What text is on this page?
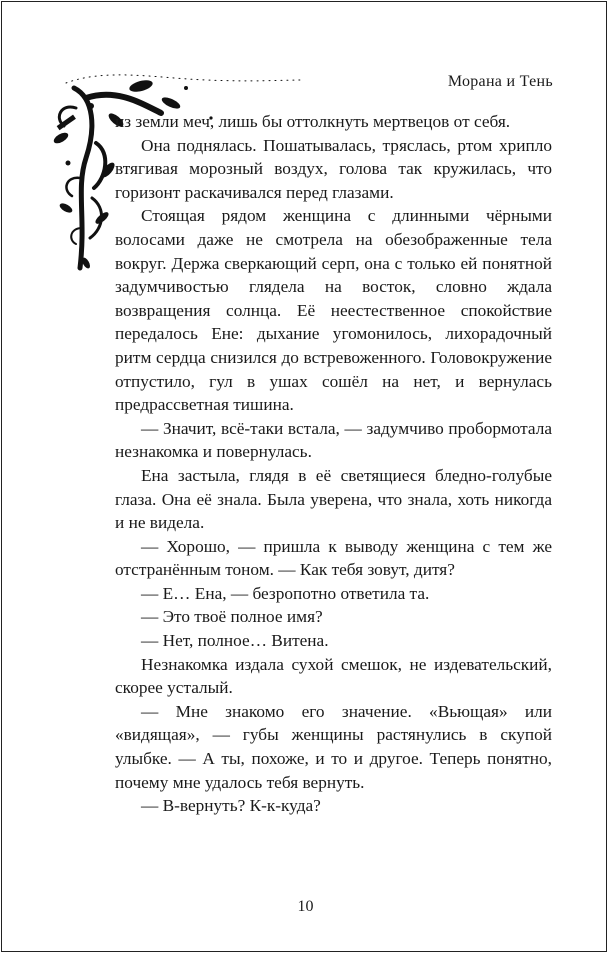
Морана и Тень

из земли меч, лишь бы оттолкнуть мертвецов от себя.

Она поднялась. Пошатывалась, тряслась, ртом хрипло втягивая морозный воздух, голова так кружилась, что горизонт раскачивался перед глазами.

Стоящая рядом женщина с длинными чёрными волосами даже не смотрела на обезображенные тела вокруг. Держа сверкающий серп, она с только ей понятной задумчивостью глядела на восток, словно ждала возвращения солнца. Её неестественное спокойствие передалось Ене: дыхание угомонилось, лихорадочный ритм сердца снизился до встревоженного. Головокружение отпустило, гул в ушах сошёл на нет, и вернулась предрассветная тишина.

— Значит, всё-таки встала, — задумчиво пробормотала незнакомка и повернулась.

Ена застыла, глядя в её светящиеся бледно-голубые глаза. Она её знала. Была уверена, что знала, хоть никогда и не видела.

— Хорошо, — пришла к выводу женщина с тем же отстранённым тоном. — Как тебя зовут, дитя?

— Е… Ена, — безропотно ответила та.

— Это твоё полное имя?

— Нет, полное… Витена.

Незнакомка издала сухой смешок, не издевательский, скорее усталый.

— Мне знакомо его значение. «Вьющая» или «видящая», — губы женщины растянулись в скупой улыбке. — А ты, похоже, и то и другое. Теперь понятно, почему мне удалось тебя вернуть.

— В-вернуть? К-к-куда?

10
